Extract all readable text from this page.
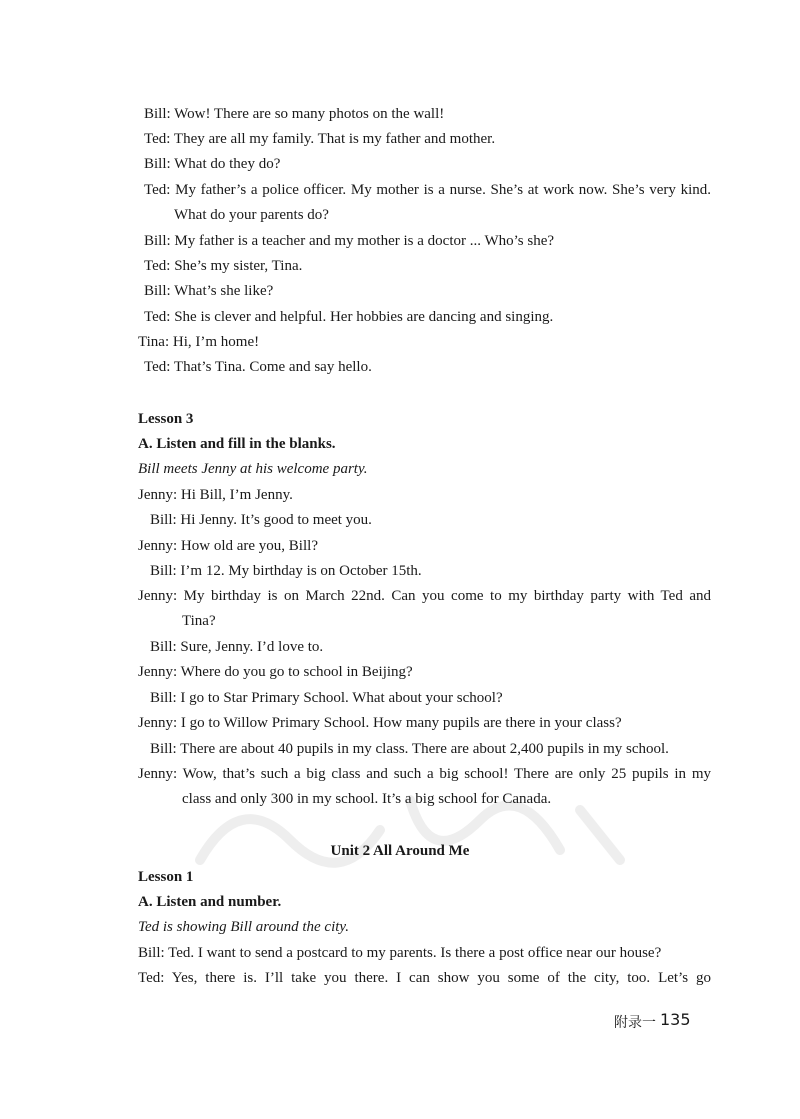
Bill: Wow! There are so many photos on the wall!
Ted: They are all my family. That is my father and mother.
Bill: What do they do?
Ted: My father’s a police officer. My mother is a nurse. She’s at work now. She’s very kind.
What do your parents do?
Bill: My father is a teacher and my mother is a doctor ... Who’s she?
Ted: She’s my sister, Tina.
Bill: What’s she like?
Ted: She is clever and helpful. Her hobbies are dancing and singing.
Tina: Hi, I’m home!
Ted: That’s Tina. Come and say hello.
Lesson 3
A. Listen and fill in the blanks.
Bill meets Jenny at his welcome party.
Jenny: Hi Bill, I’m Jenny.
Bill: Hi Jenny. It’s good to meet you.
Jenny: How old are you, Bill?
Bill: I’m 12. My birthday is on October 15th.
Jenny: My birthday is on March 22nd. Can you come to my birthday party with Ted and
Tina?
Bill: Sure, Jenny. I’d love to.
Jenny: Where do you go to school in Beijing?
Bill: I go to Star Primary School. What about your school?
Jenny: I go to Willow Primary School. How many pupils are there in your class?
Bill: There are about 40 pupils in my class. There are about 2,400 pupils in my school.
Jenny: Wow, that’s such a big class and such a big school! There are only 25 pupils in my
class and only 300 in my school. It’s a big school for Canada.
Unit 2 All Around Me
Lesson 1
A. Listen and number.
Ted is showing Bill around the city.
Bill: Ted. I want to send a postcard to my parents. Is there a post office near our house?
Ted: Yes, there is. I’ll take you there. I can show you some of the city, too. Let’s go
附录一 135
